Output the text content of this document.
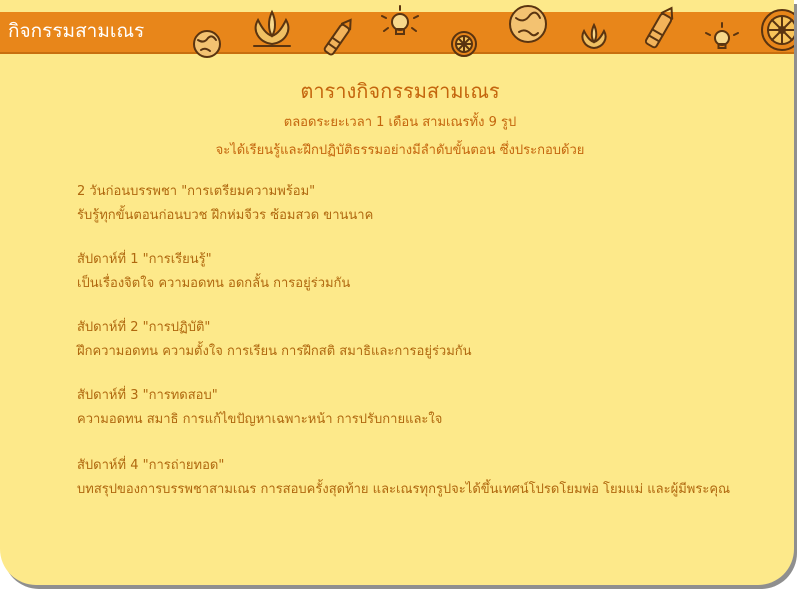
กิจกรรมสามเณร
ตารางกิจกรรมสามเณร
ตลอดระยะเวลา 1 เดือน สามเณรทั้ง 9 รูป
จะได้เรียนรู้และฝึกปฏิบัติธรรมอย่างมีลำดับขั้นตอน ซึ่งประกอบด้วย
2 วันก่อนบรรพชา "การเตรียมความพร้อม"
รับรู้ทุกขั้นตอนก่อนบวช ฝึกห่มจีวร ซ้อมสวด ขานนาค
สัปดาห์ที่ 1 "การเรียนรู้"
เป็นเรื่องจิตใจ ความอดทน อดกลั้น การอยู่ร่วมกัน
สัปดาห์ที่ 2 "การปฏิบัติ"
ฝึกความอดทน ความตั้งใจ การเรียน การฝึกสติ สมาธิและการอยู่ร่วมกัน
สัปดาห์ที่ 3 "การทดสอบ"
ความอดทน สมาธิ การแก้ไขปัญหาเฉพาะหน้า การปรับกายและใจ
สัปดาห์ที่ 4 "การถ่ายทอด"
บทสรุปของการบรรพชาสามเณร การสอบครั้งสุดท้าย และเณรทุกรูปจะได้ขึ้นเทศน์โปรดโยมพ่อ โยมแม่ และผู้มีพระคุณ
